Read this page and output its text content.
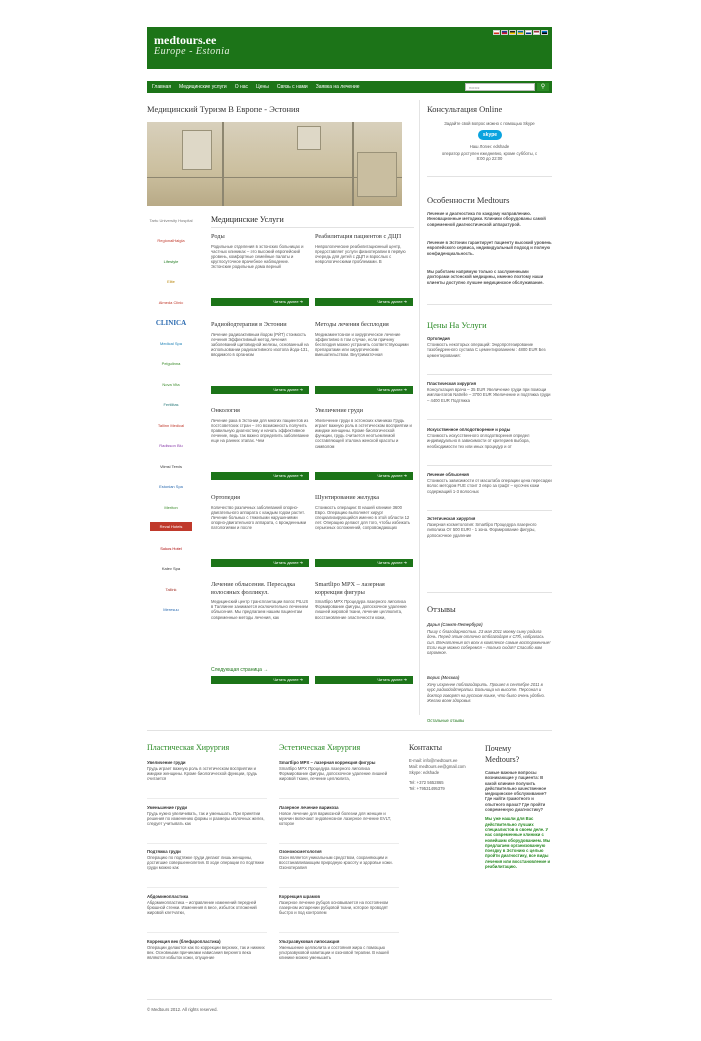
medtours.ee
Europe - Estonia
Главная Медицинские услуги О нас Цены Связь с нами Заявка на лечение	поиск	⚲
Медицинский Туризм В Европе - Эстония
Tartu University Hospital
RegionalHaigla
Lifestyle
Elite
Almeda Clinic
CLINICA
Medical Spa
Pelgulinna
Nova Vita
Fertilitas
Tallinn Medical
Radisson Blu
Viimsi Tervis
Estonian Spa
Meriton
Reval Hotels
Sokos Hotel
Kalev Spa
Tallink
Meresuu
Медицинские Услуги
Роды
Родильные отделения в эстонских больницах и частных клиниках – это высокий европейский уровень, комфортные семейные палаты и круглосуточное врачебное наблюдение. Эстонские родильные дома верный
Читать далее ➔
Реабилитация пациентов с ДЦП
Неврологические реабилитационный центр, предоставляет услуги физиотерапии в первую очередь для детей с ДЦП и взрослых с неврологическими проблемами. В
Читать далее ➔
Радиойодтерапия в Эстонии
Лечение радиоактивным йодом (РЙТ) стоимость лечения Эффективный метод лечения заболеваний щитовидной железы, основанный на использовании радиоактивного изотопа йода-131, вводимого в организм
Читать далее ➔
Методы лечения бесплодия
Медикаментозное и хирургическое лечение эффективно в том случае, если причину бесплодия можно устранить соответствующими препаратами или хирургическим вмешательством. Внутриматочная
Читать далее ➔
Онкология
Лечение рака в Эстонии для многих пациентов из постсоветских стран – это возможность получить правильную диагностику и начать эффективное лечение, ведь так важно определить заболевание еще на ранних этапах. Чем
Читать далее ➔
Увеличение груди
Увеличение груди в эстонских клиниках Грудь играет важную роль в эстетическом восприятии и имидже женщины. Кроме биологической функции, грудь считается неотъемлемой составляющей эталона женской красоты и символом
Читать далее ➔
Ортопедия
Количество различных заболеваний опорно-двигательного аппарата с каждым годом растет. Лечение больных с тяжелыми нарушениями опорно-двигательного аппарата, с врожденными патологиями и после
Читать далее ➔
Шунтирование желудка
Стоимость операции: В нашей клинике 3600 Евро. Операцию выполняет хирург специализирующийся именно в этой области 12 лет. Операцию делают для того, чтобы избежать серьезных осложнений, сопровождающих
Читать далее ➔
Лечение облысения. Пересадка волосяных фолликул.
Медицинский центр трансплантации волос PILUS в Таллинне занимается исключительно лечением облысения. Мы предлагаем нашим пациентам современные методы лечения, как
Читать далее ➔
Smartlipo MPX – лазерная коррекция фигуры
Smartlipo MPX Процедура лазерного липолиза Формирование фигуры, допоскочное удаление лишней жировой ткани, лечение целлюлита, восстановление эластичности кожи,
Читать далее ➔
Следующая страница →
Консультация Online
Задайте свой вопрос можно с помощью Skype
skype
Наш Логин: edshade
оператор доступен ежедневно, кроме субботы, с 8:00 до 22:00
Особенности Medtours
Лечение и диагностика по каждому направлению. Инновационные методики. Клиники оборудованы самой современной диагностической аппаратурой.
Лечение в Эстонии гарантирует пациенту высокий уровень европейского сервиса, индивидуальный подход и полную конфиденциальность.
Мы работаем напрямую только с заслуженными докторами эстонской медицины, именно поэтому наши клиенты доступно лучшее медицинское обслуживание.
Цены На Услуги
Ортопедия
Стоимость некоторых операций: Эндопротезирование тазобедренного сустава С цементированием : 4800 EUR Без цементирования:
Пластическая хирургия
Консультация врача – 35 EUR Увеличение груди при помощи имплантатов Natrelle – 3700 EUR Увеличение и подтяжка груди – 4400 EUR Подтяжка
Искусственное оплодотворение и роды
Стоимость искусственного оплодотворения определ индивидуально в зависимости от критериев выбора, необходимости тех или иных процедур и от
Лечение облысения
Стоимость зависимости от масштаба операции цена пересадки волос методом FUE стоит 3 евро за графт – кусочек кожи содержащий 1-3 волосных
Эстетическая хирургия
Лазерная косметология: Smartlipo Процедура лазерного липолиза От 500 EUR! - 1 зона. Формирование фигуры, допоскочное удаление
Отзывы
Дарья (Санкт-Петербург)
Пишу с благодарностью. 23 мая 2011 моему сыну родила дочь. Перед этим отлично отблагодаря к СПб, набралась сил. Впечатления от всех в комплексе самые восторженные! Если еще можно соберемся – только сюда!!! Спасибо вам огромное.
Борис (Москва)
Хочу искренне поблагодарить. Прошел в сентябре 2011 в курс радиойодтерапии. Больница на высоте. Персонал и доктор говорят на русском языке, что было очень удобно. Желаю всем здоровья.
Остальные отзывы
Пластическая Хирургия
Увеличение груди
Грудь играет важную роль в эстетическом восприятии и имидже женщины. Кроме биологической функции, грудь считается
Уменьшение груди
Грудь нужно увеличивать, так и уменьшать. При принятии решения по изменению формы и размеры молочных желез, следует учитывать как
Подтяжка груди
Операцию по подтяжке груди делают лишь женщины, достигшие совершеннолетия. В ходе операции по подтяжке груди можно как
Абдоминопластика
Абдоминопластика – исправление изменений передней брюшной стенки. Изменения в весе, избыток отложений жировой клетчатки,
Коррекция век (блефаропластика)
Операции делаются как по коррекции верхних, так и нижних век. Основными причинами нависания верхнего века являются избыток кожи, опущение
Эстетическая Хирургия
Smartlipo MPX – лазерная коррекция фигуры
Smartlipo MPX Процедура лазерного липолиза Формирование фигуры, допоскочное удаление лишней жировой ткани, лечение целлюлита,
Лазерное лечение варикоза
Новое лечение для варикозной болезни для женщин и мужчин включают эндовенозное лазерное лечение EVLT, которое
Озонокосметология
Озон является уникальным средством, сохраняющим и восстанавливающим природную красоту и здоровье кожи. Озонотерапия
Коррекция шрамов
Лазерное лечение рубцов основывается на постоянном лазерном испарении рубцовой ткани, которое проводят быстро и под контролем
Ультразвуковая липосакция
Уменьшение целлюлита и состояния жира с помощью ультразвуковой кавитации и озоновой терапии. В нашей клинике можно уменьшить
Контакты
E-mail: info@medtours.ee
Mail: medtours.ee@gmail.com
Skype: edshade
Tel: +372 5652865
Tel: +79531495379
Почему Medtours?
Самые важные вопросы возникающие у пациента: В какой клинике получить действительно качественное медицинское обслуживание? Где найти грамотного и опытного врача? Где пройти современную диагностику?
Мы уже нашли для Вас действительно лучших специалистов в своем деле. У нас современные клиники с новейшим оборудованием. Мы предлагаем организованную поездку в Эстонию с целью пройти диагностику, все виды лечения или восстановление и реабилитацию.
© Medtours 2012. All rights reserved.
